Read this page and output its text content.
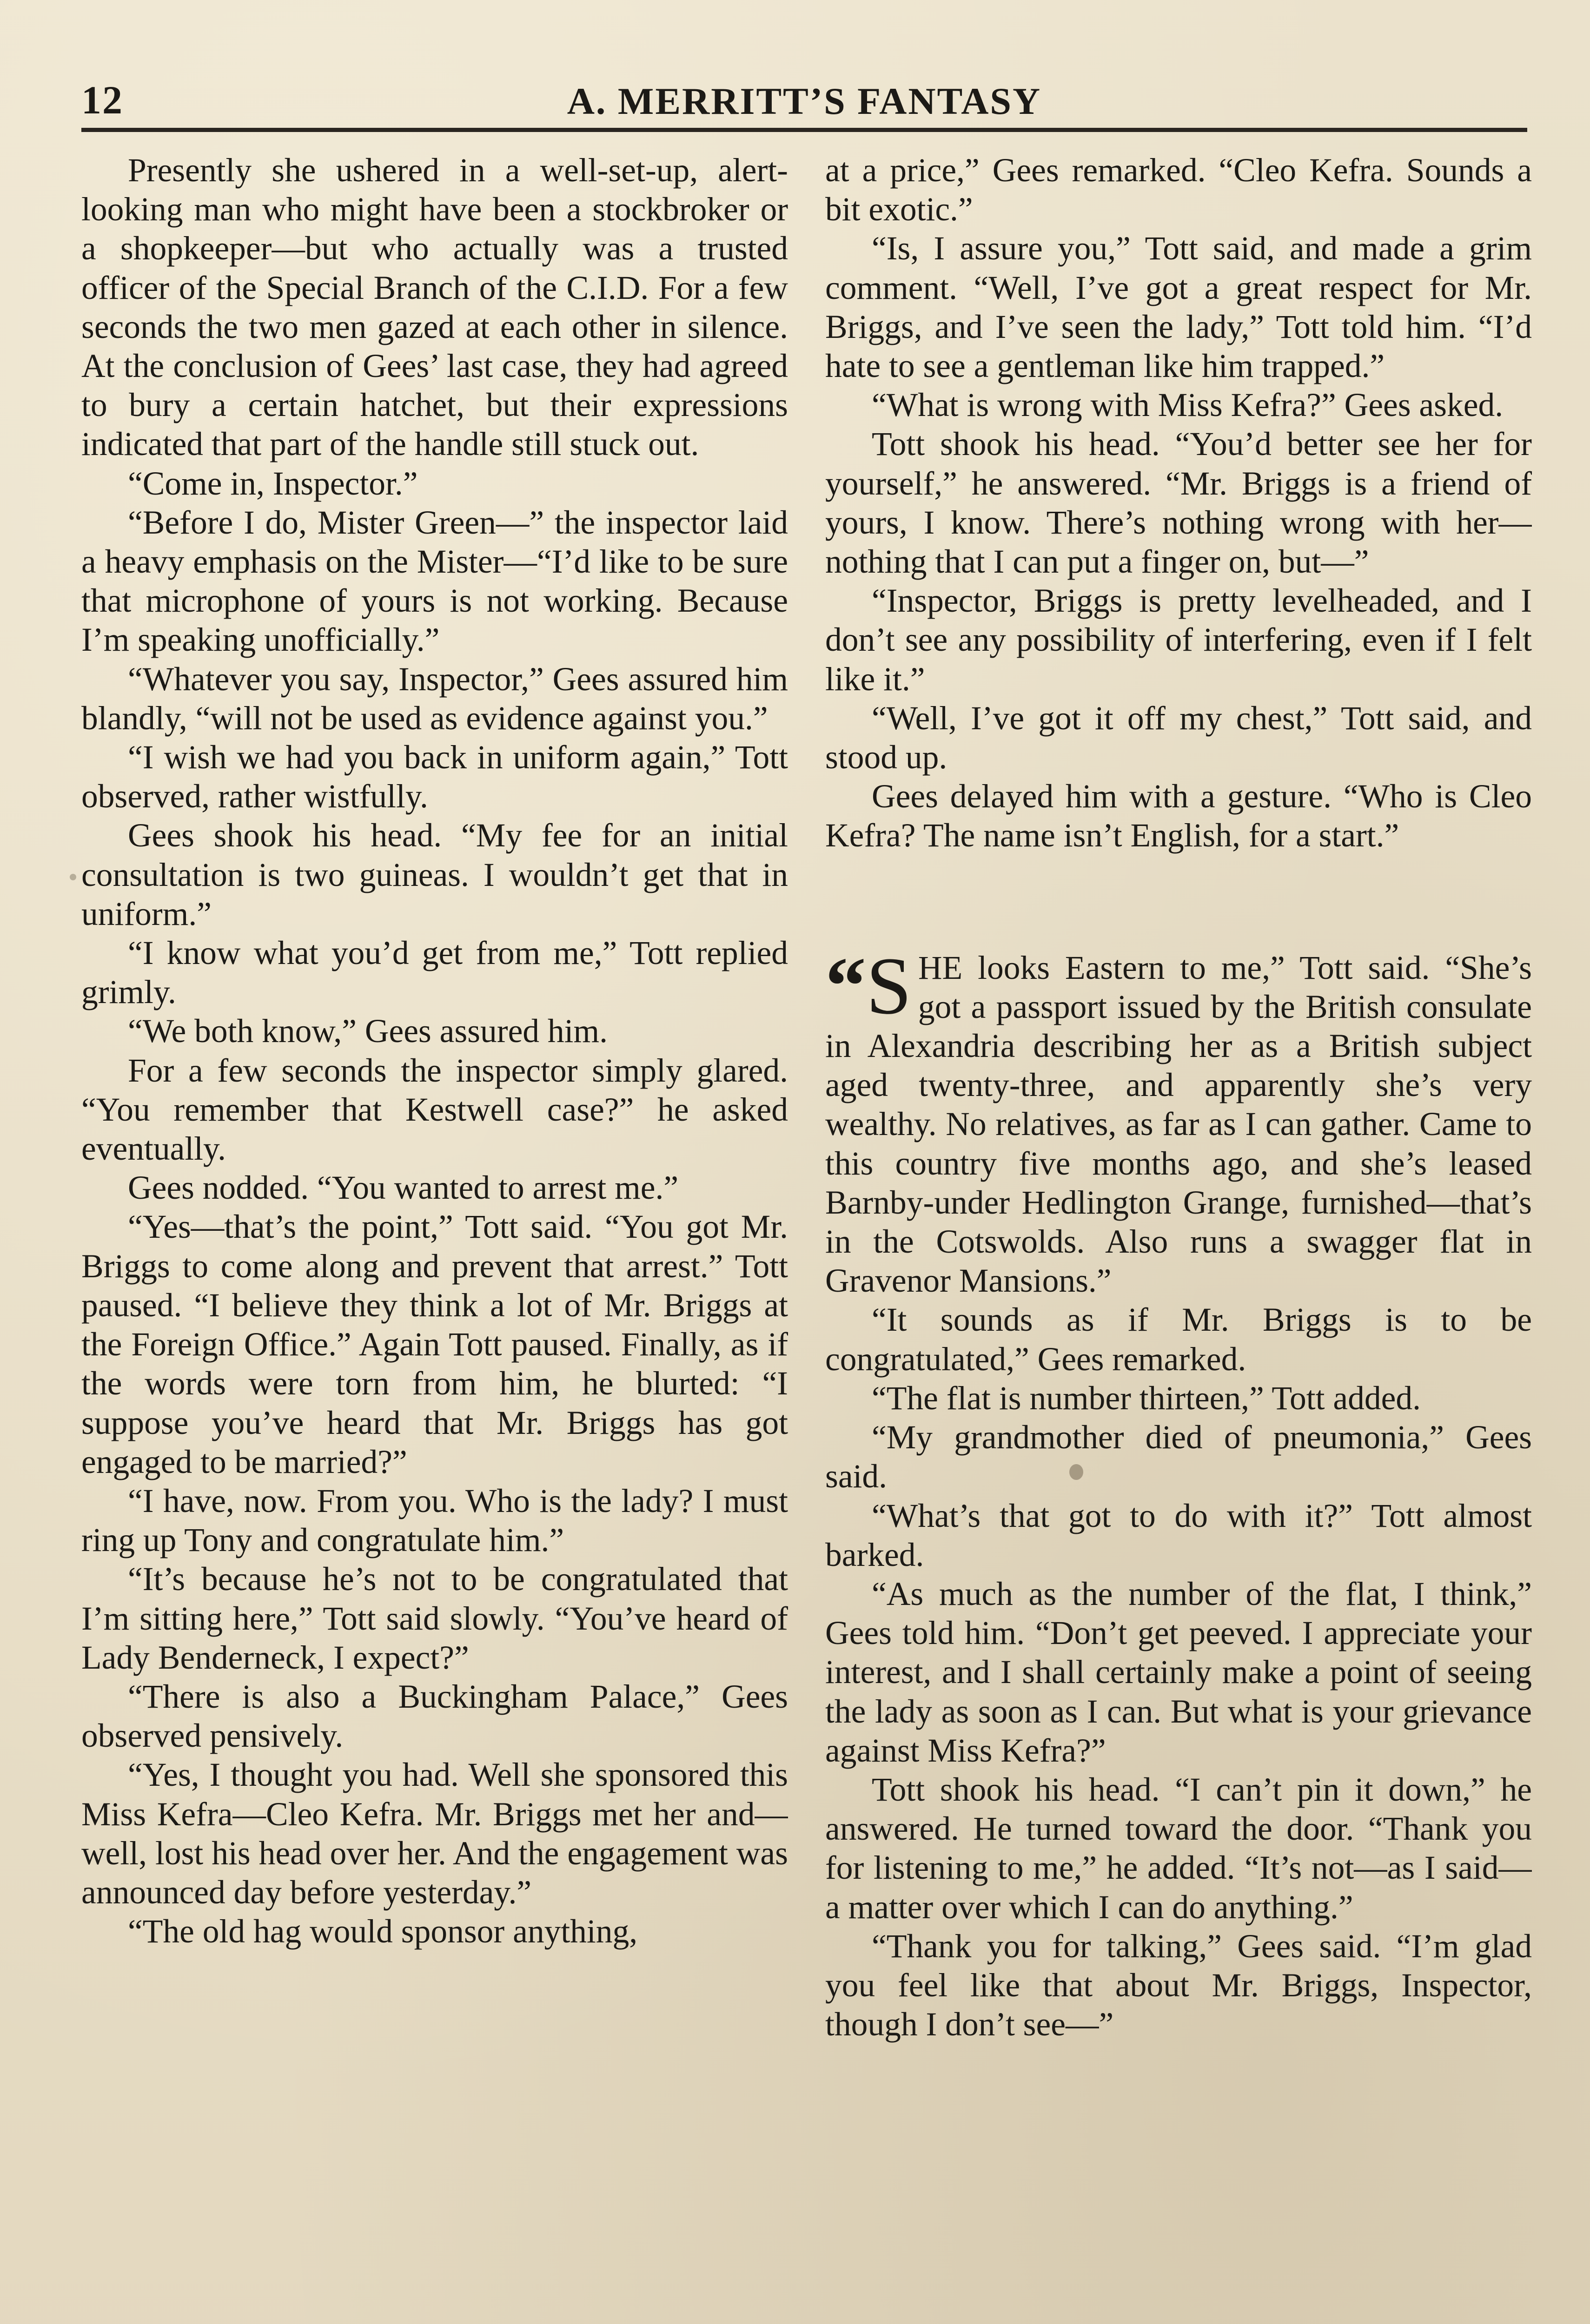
12	A. MERRITT’S FANTASY

Presently she ushered in a well-set-up, alert-looking man who might have been a stockbroker or a shopkeeper—but who actually was a trusted officer of the Special Branch of the C.I.D. For a few seconds the two men gazed at each other in silence. At the conclusion of Gees’ last case, they had agreed to bury a certain hatchet, but their expressions indicated that part of the handle still stuck out.

“Come in, Inspector.”

“Before I do, Mister Green—” the inspector laid a heavy emphasis on the Mister—“I’d like to be sure that microphone of yours is not working. Because I’m speaking unofficially.”

“Whatever you say, Inspector,” Gees assured him blandly, “will not be used as evidence against you.”

“I wish we had you back in uniform again,” Tott observed, rather wistfully.

Gees shook his head. “My fee for an initial consultation is two guineas. I wouldn’t get that in uniform.”

“I know what you’d get from me,” Tott replied grimly.

“We both know,” Gees assured him.

For a few seconds the inspector simply glared. “You remember that Kestwell case?” he asked eventually.

Gees nodded. “You wanted to arrest me.”

“Yes—that’s the point,” Tott said. “You got Mr. Briggs to come along and prevent that arrest.” Tott paused. “I believe they think a lot of Mr. Briggs at the Foreign Office.” Again Tott paused. Finally, as if the words were torn from him, he blurted: “I suppose you’ve heard that Mr. Briggs has got engaged to be married?”

“I have, now. From you. Who is the lady? I must ring up Tony and congratulate him.”

“It’s because he’s not to be congratulated that I’m sitting here,” Tott said slowly. “You’ve heard of Lady Benderneck, I expect?”

“There is also a Buckingham Palace,” Gees observed pensively.

“Yes, I thought you had. Well she sponsored this Miss Kefra—Cleo Kefra. Mr. Briggs met her and—well, lost his head over her. And the engagement was announced day before yesterday.”

“The old hag would sponsor anything,

at a price,” Gees remarked. “Cleo Kefra. Sounds a bit exotic.”

“Is, I assure you,” Tott said, and made a grim comment. “Well, I’ve got a great respect for Mr. Briggs, and I’ve seen the lady,” Tott told him. “I’d hate to see a gentleman like him trapped.”

“What is wrong with Miss Kefra?” Gees asked.

Tott shook his head. “You’d better see her for yourself,” he answered. “Mr. Briggs is a friend of yours, I know. There’s nothing wrong with her—nothing that I can put a finger on, but—”

“Inspector, Briggs is pretty levelheaded, and I don’t see any possibility of interfering, even if I felt like it.”

“Well, I’ve got it off my chest,” Tott said, and stood up.

Gees delayed him with a gesture. “Who is Cleo Kefra? The name isn’t English, for a start.”

“S HE looks Eastern to me,” Tott said. “She’s got a passport issued by the British consulate in Alexandria describing her as a British subject aged twenty-three, and apparently she’s very wealthy. No relatives, as far as I can gather. Came to this country five months ago, and she’s leased Barnby-under Hedlington Grange, furnished—that’s in the Cotswolds. Also runs a swagger flat in Gravenor Mansions.”

“It sounds as if Mr. Briggs is to be congratulated,” Gees remarked.

“The flat is number thirteen,” Tott added.

“My grandmother died of pneumonia,” Gees said.

“What’s that got to do with it?” Tott almost barked.

“As much as the number of the flat, I think,” Gees told him. “Don’t get peeved. I appreciate your interest, and I shall certainly make a point of seeing the lady as soon as I can. But what is your grievance against Miss Kefra?”

Tott shook his head. “I can’t pin it down,” he answered. He turned toward the door. “Thank you for listening to me,” he added. “It’s not—as I said—a matter over which I can do anything.”

“Thank you for talking,” Gees said. “I’m glad you feel like that about Mr. Briggs, Inspector, though I don’t see—”
